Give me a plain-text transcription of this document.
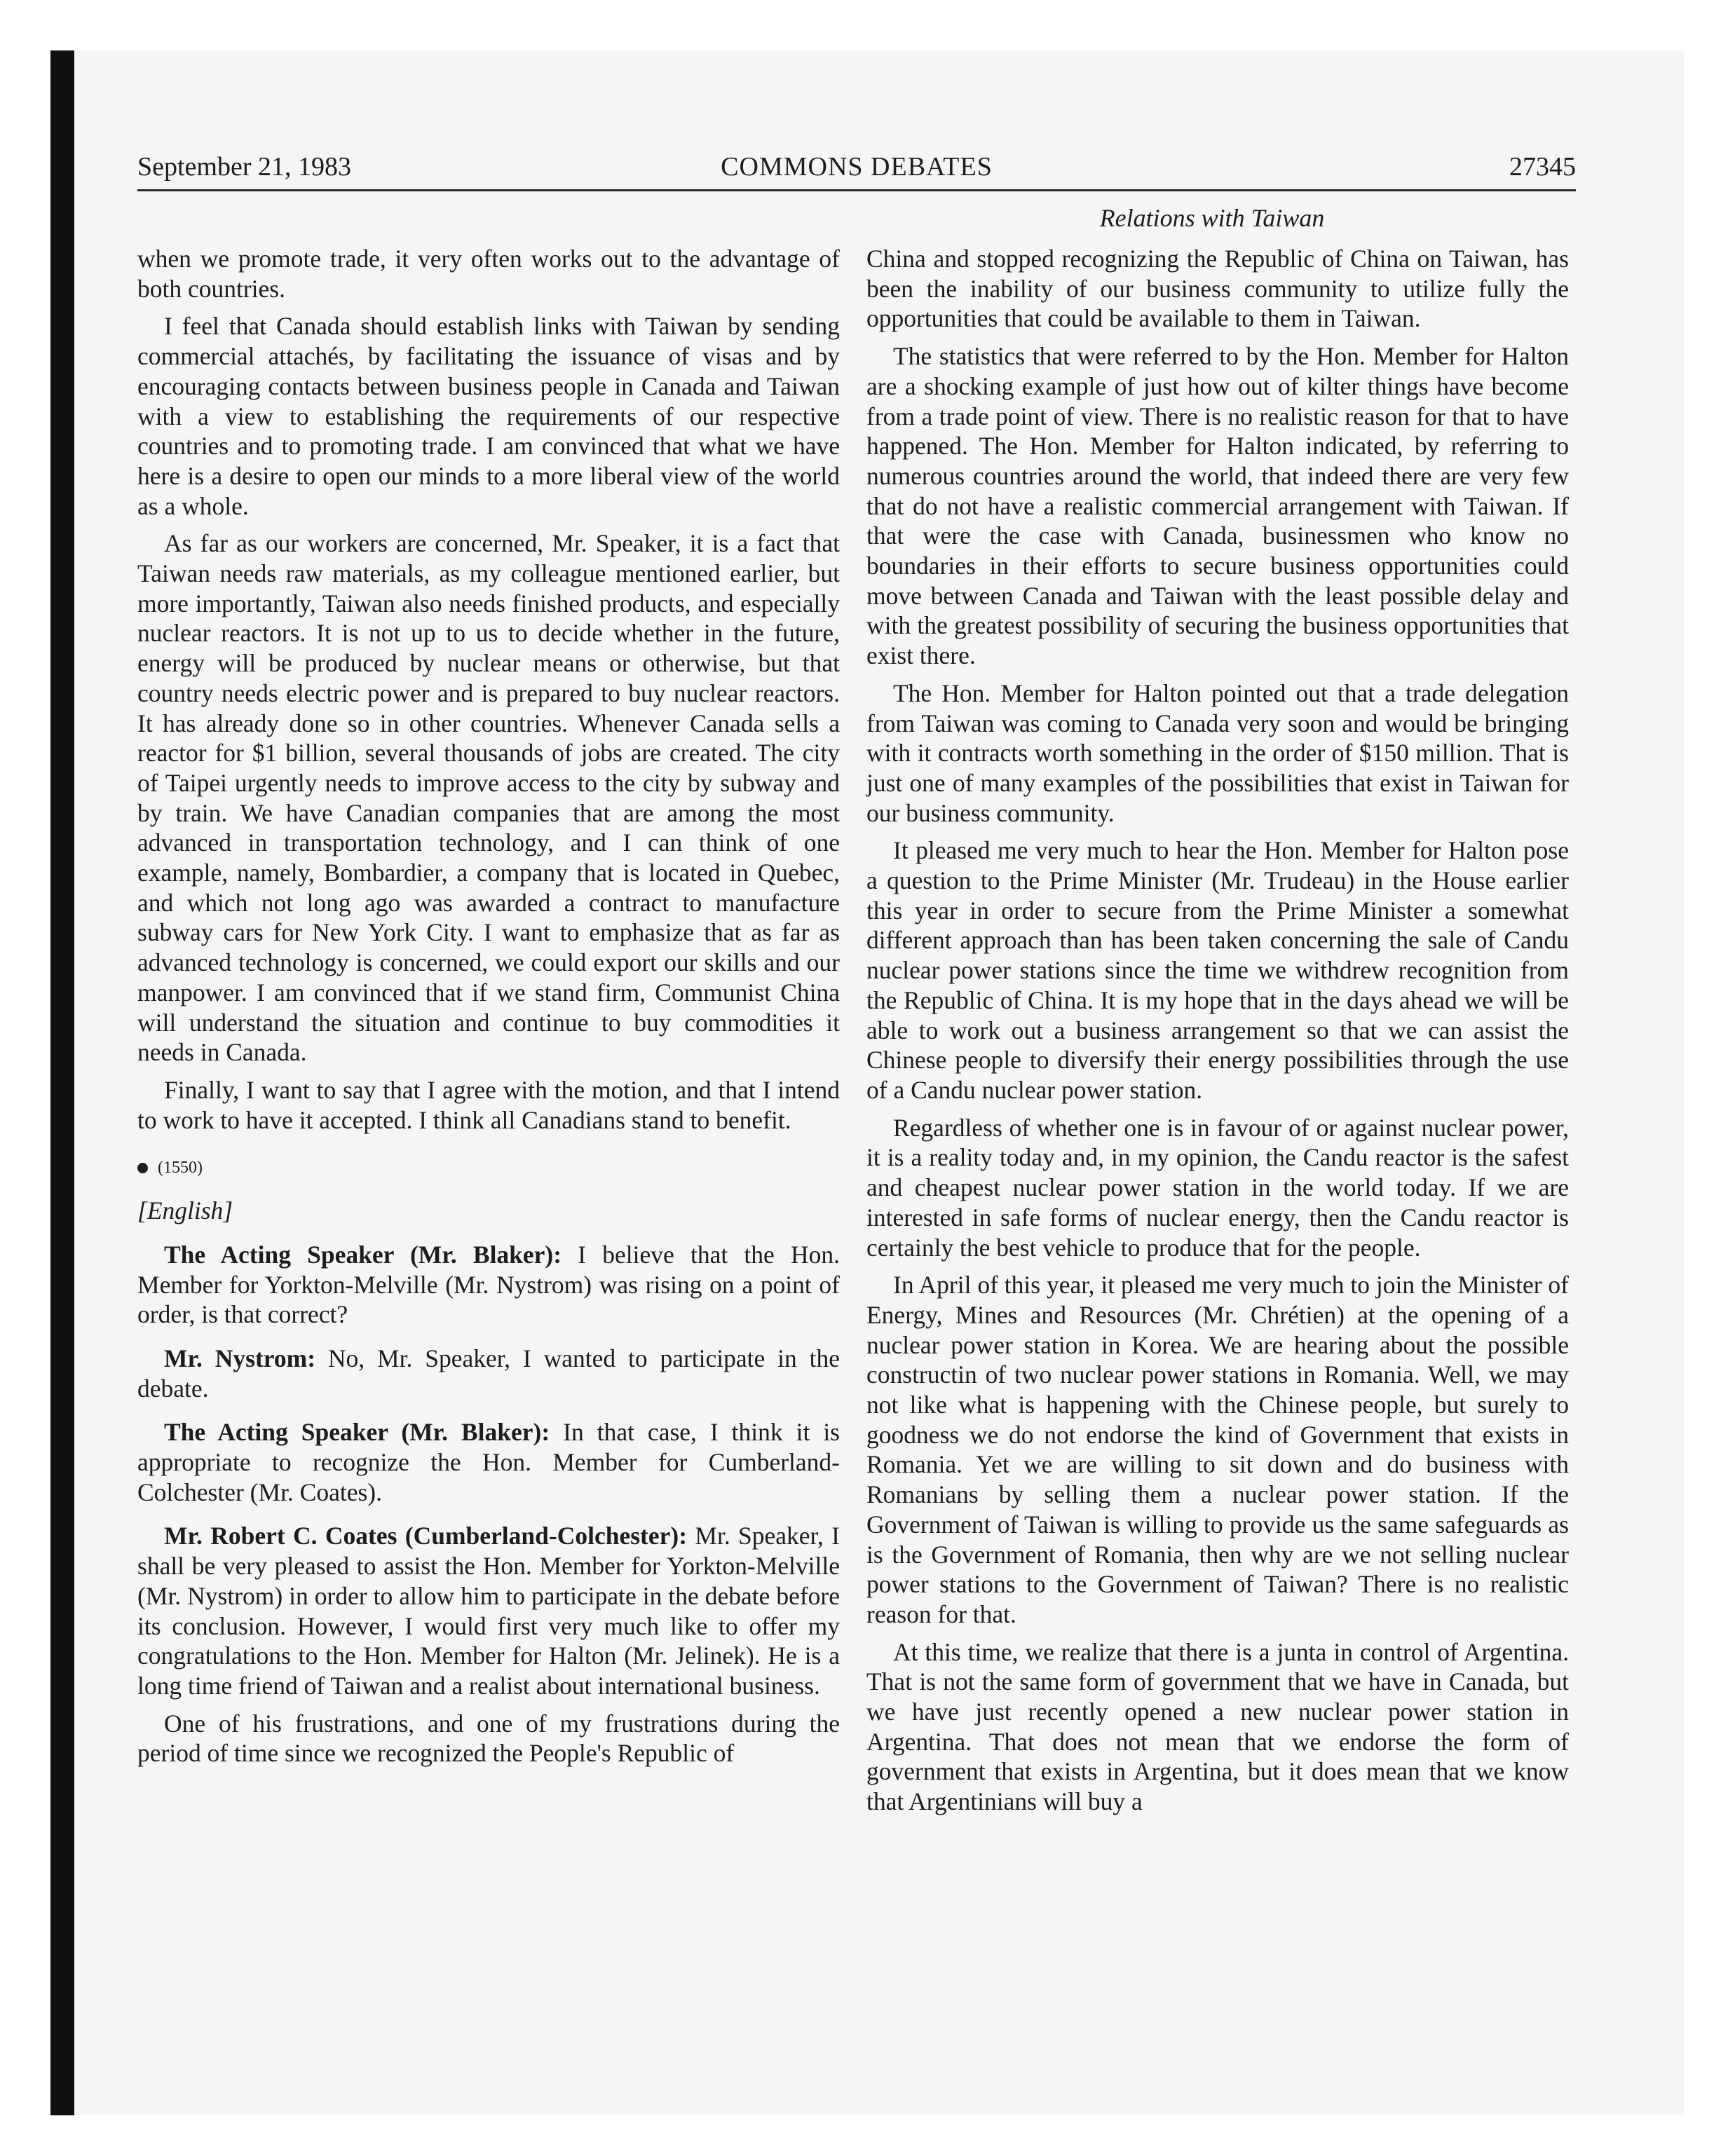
September 21, 1983	COMMONS DEBATES	27345
Relations with Taiwan

when we promote trade, it very often works out to the advantage of both countries.

I feel that Canada should establish links with Taiwan by sending commercial attachés, by facilitating the issuance of visas and by encouraging contacts between business people in Canada and Taiwan with a view to establishing the requirements of our respective countries and to promoting trade. I am convinced that what we have here is a desire to open our minds to a more liberal view of the world as a whole.

As far as our workers are concerned, Mr. Speaker, it is a fact that Taiwan needs raw materials, as my colleague mentioned earlier, but more importantly, Taiwan also needs finished products, and especially nuclear reactors. It is not up to us to decide whether in the future, energy will be produced by nuclear means or otherwise, but that country needs electric power and is prepared to buy nuclear reactors. It has already done so in other countries. Whenever Canada sells a reactor for $1 billion, several thousands of jobs are created. The city of Taipei urgently needs to improve access to the city by subway and by train. We have Canadian companies that are among the most advanced in transportation technology, and I can think of one example, namely, Bombardier, a company that is located in Quebec, and which not long ago was awarded a contract to manufacture subway cars for New York City. I want to emphasize that as far as advanced technology is concerned, we could export our skills and our manpower. I am convinced that if we stand firm, Communist China will understand the situation and continue to buy commodities it needs in Canada.

Finally, I want to say that I agree with the motion, and that I intend to work to have it accepted. I think all Canadians stand to benefit.

(1550)

[English]

The Acting Speaker (Mr. Blaker): I believe that the Hon. Member for Yorkton-Melville (Mr. Nystrom) was rising on a point of order, is that correct?

Mr. Nystrom: No, Mr. Speaker, I wanted to participate in the debate.

The Acting Speaker (Mr. Blaker): In that case, I think it is appropriate to recognize the Hon. Member for Cumberland-Colchester (Mr. Coates).

Mr. Robert C. Coates (Cumberland-Colchester): Mr. Speaker, I shall be very pleased to assist the Hon. Member for Yorkton-Melville (Mr. Nystrom) in order to allow him to participate in the debate before its conclusion. However, I would first very much like to offer my congratulations to the Hon. Member for Halton (Mr. Jelinek). He is a long time friend of Taiwan and a realist about international business.

One of his frustrations, and one of my frustrations during the period of time since we recognized the People's Republic of

China and stopped recognizing the Republic of China on Taiwan, has been the inability of our business community to utilize fully the opportunities that could be available to them in Taiwan.

The statistics that were referred to by the Hon. Member for Halton are a shocking example of just how out of kilter things have become from a trade point of view. There is no realistic reason for that to have happened. The Hon. Member for Halton indicated, by referring to numerous countries around the world, that indeed there are very few that do not have a realistic commercial arrangement with Taiwan. If that were the case with Canada, businessmen who know no boundaries in their efforts to secure business opportunities could move between Canada and Taiwan with the least possible delay and with the greatest possibility of securing the business opportunities that exist there.

The Hon. Member for Halton pointed out that a trade delegation from Taiwan was coming to Canada very soon and would be bringing with it contracts worth something in the order of $150 million. That is just one of many examples of the possibilities that exist in Taiwan for our business community.

It pleased me very much to hear the Hon. Member for Halton pose a question to the Prime Minister (Mr. Trudeau) in the House earlier this year in order to secure from the Prime Minister a somewhat different approach than has been taken concerning the sale of Candu nuclear power stations since the time we withdrew recognition from the Republic of China. It is my hope that in the days ahead we will be able to work out a business arrangement so that we can assist the Chinese people to diversify their energy possibilities through the use of a Candu nuclear power station.

Regardless of whether one is in favour of or against nuclear power, it is a reality today and, in my opinion, the Candu reactor is the safest and cheapest nuclear power station in the world today. If we are interested in safe forms of nuclear energy, then the Candu reactor is certainly the best vehicle to produce that for the people.

In April of this year, it pleased me very much to join the Minister of Energy, Mines and Resources (Mr. Chrétien) at the opening of a nuclear power station in Korea. We are hearing about the possible constructin of two nuclear power stations in Romania. Well, we may not like what is happening with the Chinese people, but surely to goodness we do not endorse the kind of Government that exists in Romania. Yet we are willing to sit down and do business with Romanians by selling them a nuclear power station. If the Government of Taiwan is willing to provide us the same safeguards as is the Government of Romania, then why are we not selling nuclear power stations to the Government of Taiwan? There is no realistic reason for that.

At this time, we realize that there is a junta in control of Argentina. That is not the same form of government that we have in Canada, but we have just recently opened a new nuclear power station in Argentina. That does not mean that we endorse the form of government that exists in Argentina, but it does mean that we know that Argentinians will buy a
